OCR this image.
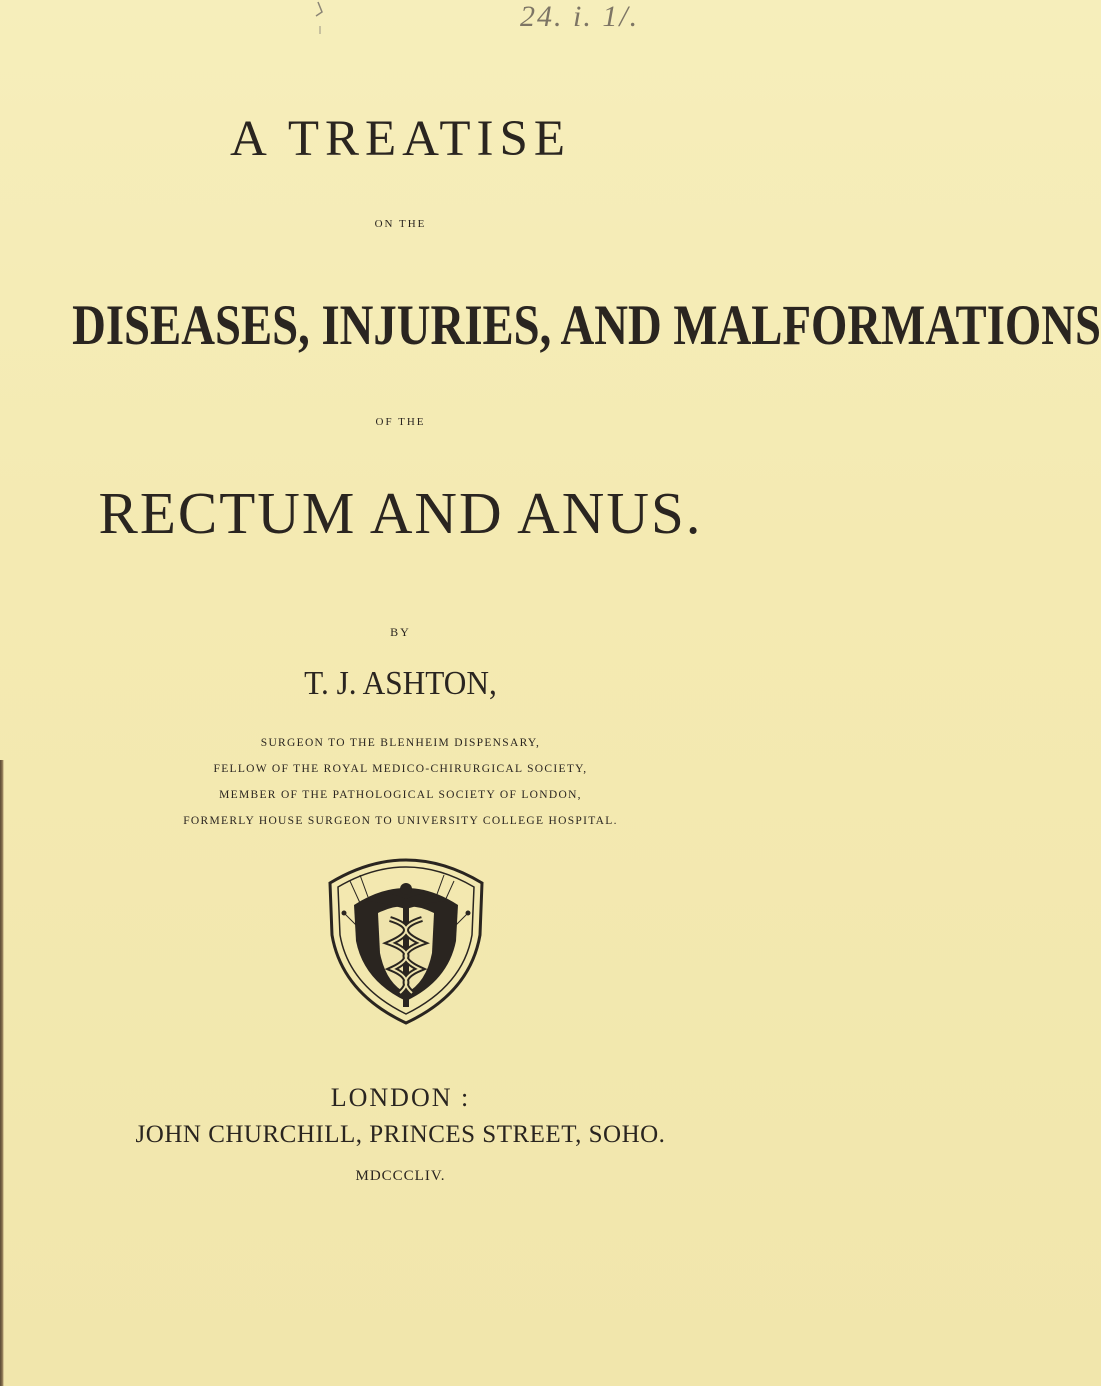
24. i. 1/.
A TREATISE
ON THE
DISEASES, INJURIES, AND MALFORMATIONS
OF THE
RECTUM AND ANUS.
BY
T. J. ASHTON,
SURGEON TO THE BLENHEIM DISPENSARY,
FELLOW OF THE ROYAL MEDICO-CHIRURGICAL SOCIETY,
MEMBER OF THE PATHOLOGICAL SOCIETY OF LONDON,
FORMERLY HOUSE SURGEON TO UNIVERSITY COLLEGE HOSPITAL.
LONDON :
JOHN CHURCHILL, PRINCES STREET, SOHO.
MDCCCLIV.
